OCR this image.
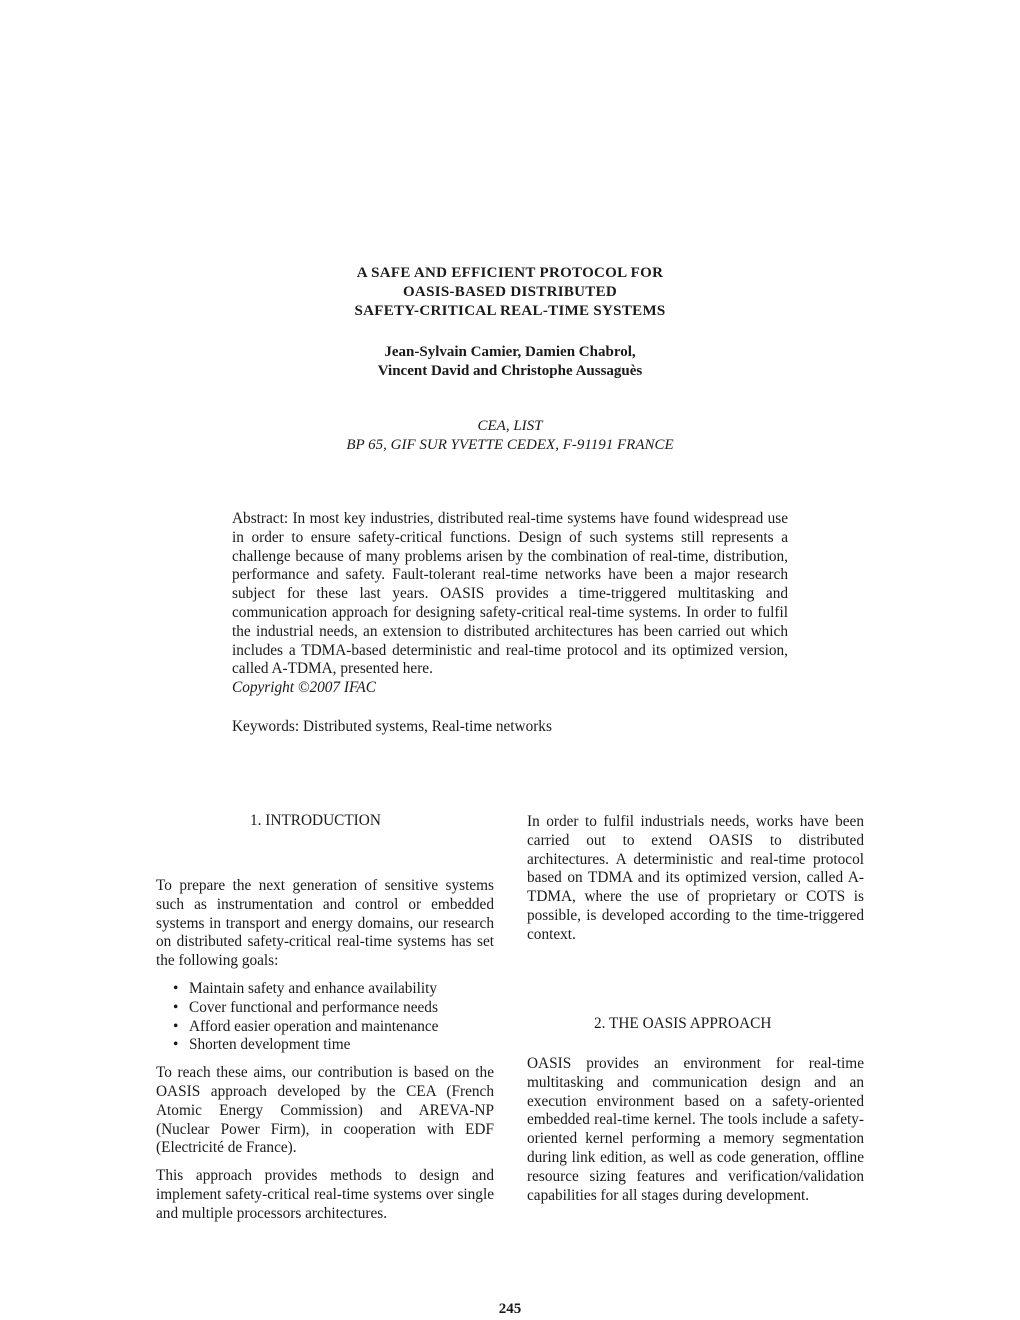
A SAFE AND EFFICIENT PROTOCOL FOR
OASIS-BASED DISTRIBUTED
SAFETY-CRITICAL REAL-TIME SYSTEMS
Jean-Sylvain Camier, Damien Chabrol,
Vincent David and Christophe Aussaguès
CEA, LIST
BP 65, GIF SUR YVETTE CEDEX, F-91191 FRANCE
Abstract: In most key industries, distributed real-time systems have found widespread use in order to ensure safety-critical functions. Design of such systems still represents a challenge because of many problems arisen by the combination of real-time, distribution, performance and safety. Fault-tolerant real-time networks have been a major research subject for these last years. OASIS provides a time-triggered multitasking and communication approach for designing safety-critical real-time systems. In order to fulfil the industrial needs, an extension to distributed architectures has been carried out which includes a TDMA-based deterministic and real-time protocol and its optimized version, called A-TDMA, presented here.
Copyright ©2007 IFAC
Keywords: Distributed systems, Real-time networks
1. INTRODUCTION

To prepare the next generation of sensitive systems such as instrumentation and control or embedded systems in transport and energy domains, our research on distributed safety-critical real-time systems has set the following goals:

• Maintain safety and enhance availability
• Cover functional and performance needs
• Afford easier operation and maintenance
• Shorten development time

To reach these aims, our contribution is based on the OASIS approach developed by the CEA (French Atomic Energy Commission) and AREVA-NP (Nuclear Power Firm), in cooperation with EDF (Electricité de France).

This approach provides methods to design and implement safety-critical real-time systems over single and multiple processors architectures.

In order to fulfil industrials needs, works have been carried out to extend OASIS to distributed architectures. A deterministic and real-time protocol based on TDMA and its optimized version, called A-TDMA, where the use of proprietary or COTS is possible, is developed according to the time-triggered context.
2. THE OASIS APPROACH
OASIS provides an environment for real-time multitasking and communication design and an execution environment based on a safety-oriented embedded real-time kernel. The tools include a safety-oriented kernel performing a memory segmentation during link edition, as well as code generation, offline resource sizing features and verification/validation capabilities for all stages during development.
245
